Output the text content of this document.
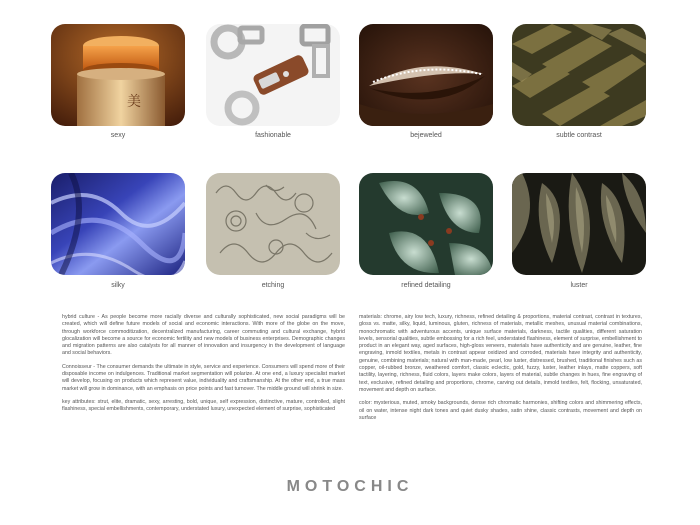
美
sexy	fashionable	bejeweled	subtle contrast
silky	etching	refined detailing	luster

hybrid culture - As people become more racially diverse and culturally sophisticated, new social paradigms will be created, which will define future models of social and economic interactions. With more of the globe on the move, through workforce commoditization, decentralized manufacturing, career commuting and cultural exchange, hybrid glocalization will become a source for economic fertility and new models of business enterprises. Demographic changes and migration patterns are also catalysts for all manner of innovation and insurgency in the development of language and social behaviors.

Connoisseur - The consumer demands the ultimate in style, service and experience. Consumers will spend more of their disposable income on indulgences. Traditional market segmentation will polarize. At one end, a luxury specialist market will develop, focusing on products which represent value, individuality and craftsmanship. At the other end, a true mass market will grow in dominance, with an emphasis on price points and fast turnover. The middle ground will shrink in size.

key attributes: strut, elite, dramatic, sexy, arresting, bold, unique, self expression, distinctive, mature, controlled, slight flashiness, special embellishments, contemporary, understated luxury, unexpected element of surprise, sophisticated

materials: chrome, airy low tech, luxury, richness, refined detailing & proportions, material contrast, contrast in textures, gloss vs. matte, silky, liquid, luminous, gluten, richness of materials, metallic meshes, unusual material combinations, monochromatic with adventurous accents, unique surface materials, darkness, tactile qualities, different saturation levels, sensorial qualities, subtle embossing for a rich feel, understated flashiness, element of surprise, embellishment to product in an elegant way, aged surfaces, high-gloss veneers, materials have authenticity and are genuine, leather, fine engraving, inmold textiles, metals in contrast appear oxidized and corroded, materials have integrity and authenticity, genuine, combining materials; natural with man-made, pearl, low luster, distressed, brushed, traditional finishes such as copper, oil-rubbed bronze, weathered comfort, classic eclectic, gold, fuzzy, luster, leather inlays, matte coppers, soft tactility, layering, richness, fluid colors, layers make colors, layers of material, subtle changes in hues, fine engraving of text, exclusive, refined detailing and proportions, chrome, carving out details, inmold textiles, felt, flocking, unsaturated, movement and depth on surface.

color: mysterious, muted, smoky backgrounds, dense rich chromatic harmonies, shifting colors and shimmering effects, oil on water, intense night dark tones and quiet dusky shades, satin shine, classic contrasts, movement and depth on surface

MOTOCHIC
